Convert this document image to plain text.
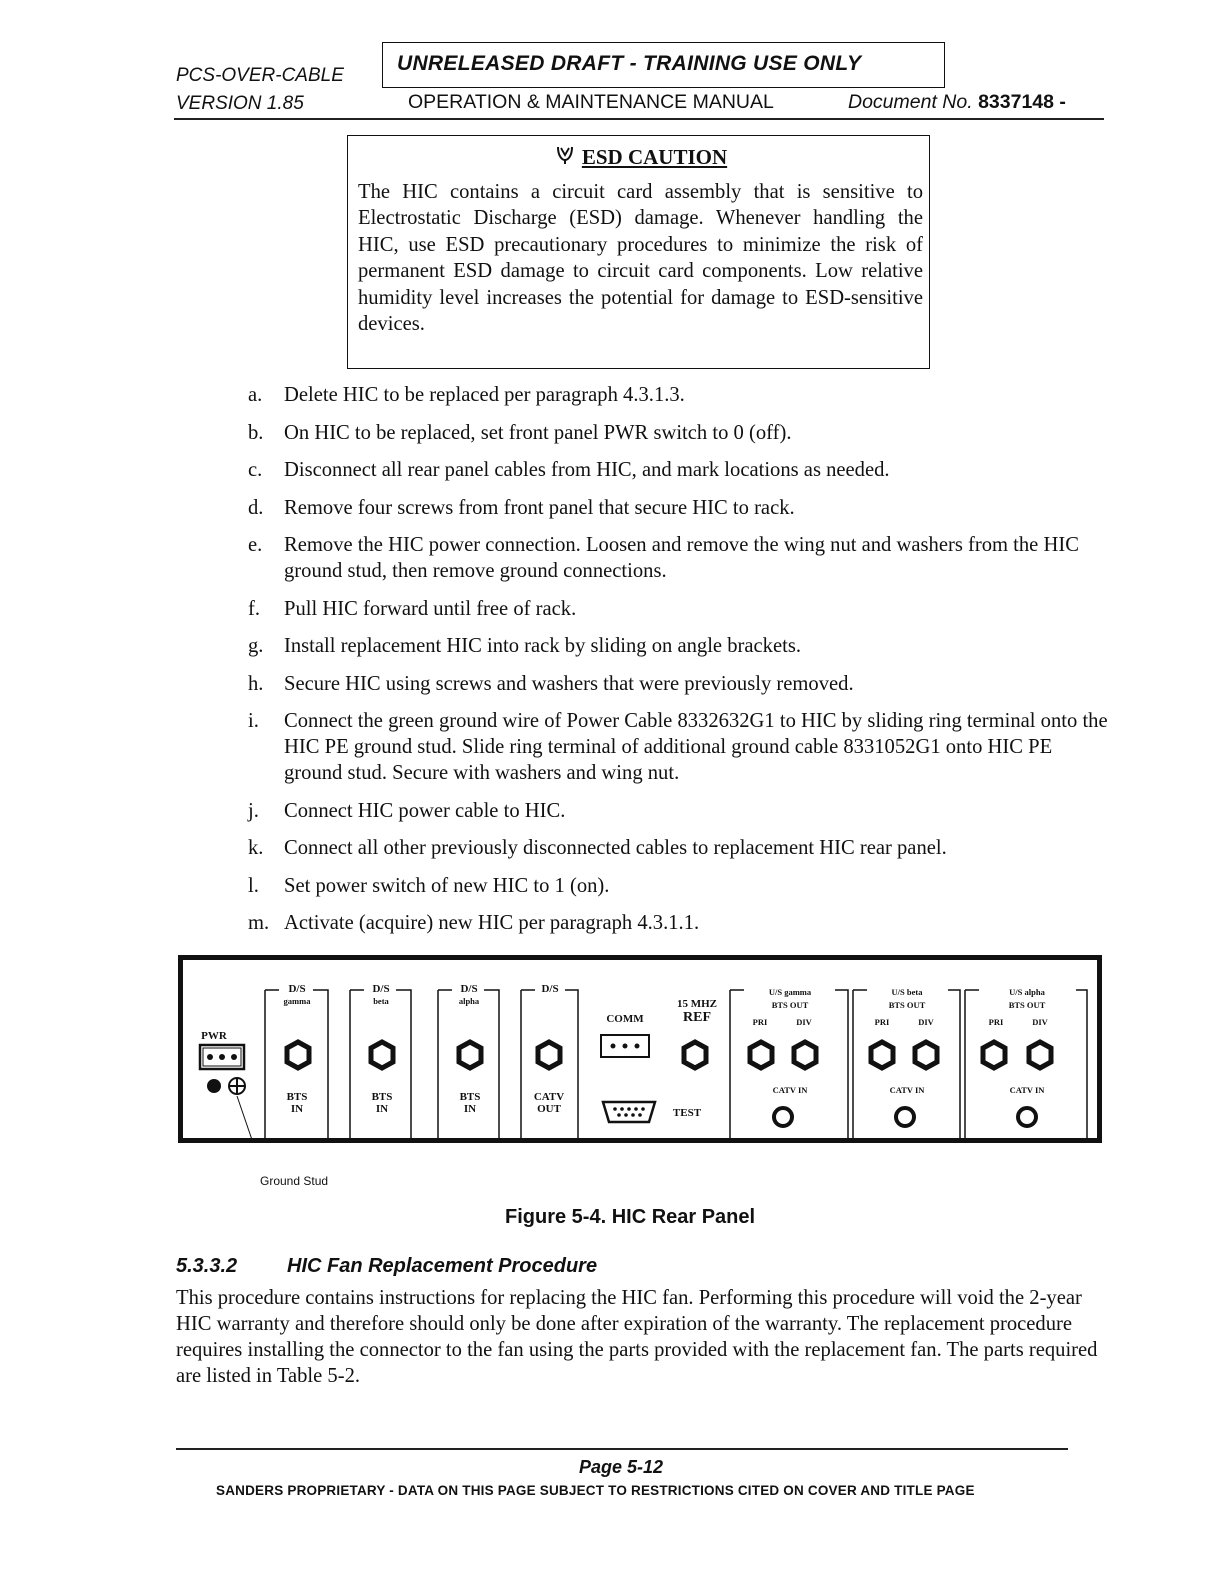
PCS-OVER-CABLE
VERSION 1.85
UNRELEASED DRAFT - TRAINING USE ONLY
OPERATION & MAINTENANCE MANUAL	Document No. 8337148 -
ESD CAUTION
The HIC contains a circuit card assembly that is sensitive to Electrostatic Discharge (ESD) damage. Whenever handling the HIC, use ESD precautionary procedures to minimize the risk of permanent ESD damage to circuit card components. Low relative humidity level increases the potential for damage to ESD-sensitive devices.
a. Delete HIC to be replaced per paragraph 4.3.1.3.
b. On HIC to be replaced, set front panel PWR switch to 0 (off).
c. Disconnect all rear panel cables from HIC, and mark locations as needed.
d. Remove four screws from front panel that secure HIC to rack.
e. Remove the HIC power connection. Loosen and remove the wing nut and washers from the HIC ground stud, then remove ground connections.
f. Pull HIC forward until free of rack.
g. Install replacement HIC into rack by sliding on angle brackets.
h. Secure HIC using screws and washers that were previously removed.
i. Connect the green ground wire of Power Cable 8332632G1 to HIC by sliding ring terminal onto the HIC PE ground stud. Slide ring terminal of additional ground cable 8331052G1 onto HIC PE ground stud. Secure with washers and wing nut.
j. Connect HIC power cable to HIC.
k. Connect all other previously disconnected cables to replacement HIC rear panel.
l. Set power switch of new HIC to 1 (on).
m. Activate (acquire) new HIC per paragraph 4.3.1.1.
PWR
D/S
gamma
D/S
beta
D/S
alpha
D/S
BTS
IN
BTS
IN
BTS
IN
CATV
OUT
COMM
15 MHZ
REF
TEST
U/S gamma
BTS OUT
PRI	DIV
CATV IN
U/S beta
BTS OUT
PRI	DIV
CATV IN
U/S alpha
BTS OUT
PRI	DIV
CATV IN
Ground Stud
Figure 5-4. HIC Rear Panel
5.3.3.2 HIC Fan Replacement Procedure
This procedure contains instructions for replacing the HIC fan. Performing this procedure will void the 2-year HIC warranty and therefore should only be done after expiration of the warranty. The replacement procedure requires installing the connector to the fan using the parts provided with the replacement fan. The parts required are listed in Table 5-2.
Page 5-12
SANDERS PROPRIETARY - DATA ON THIS PAGE SUBJECT TO RESTRICTIONS CITED ON COVER AND TITLE PAGE
